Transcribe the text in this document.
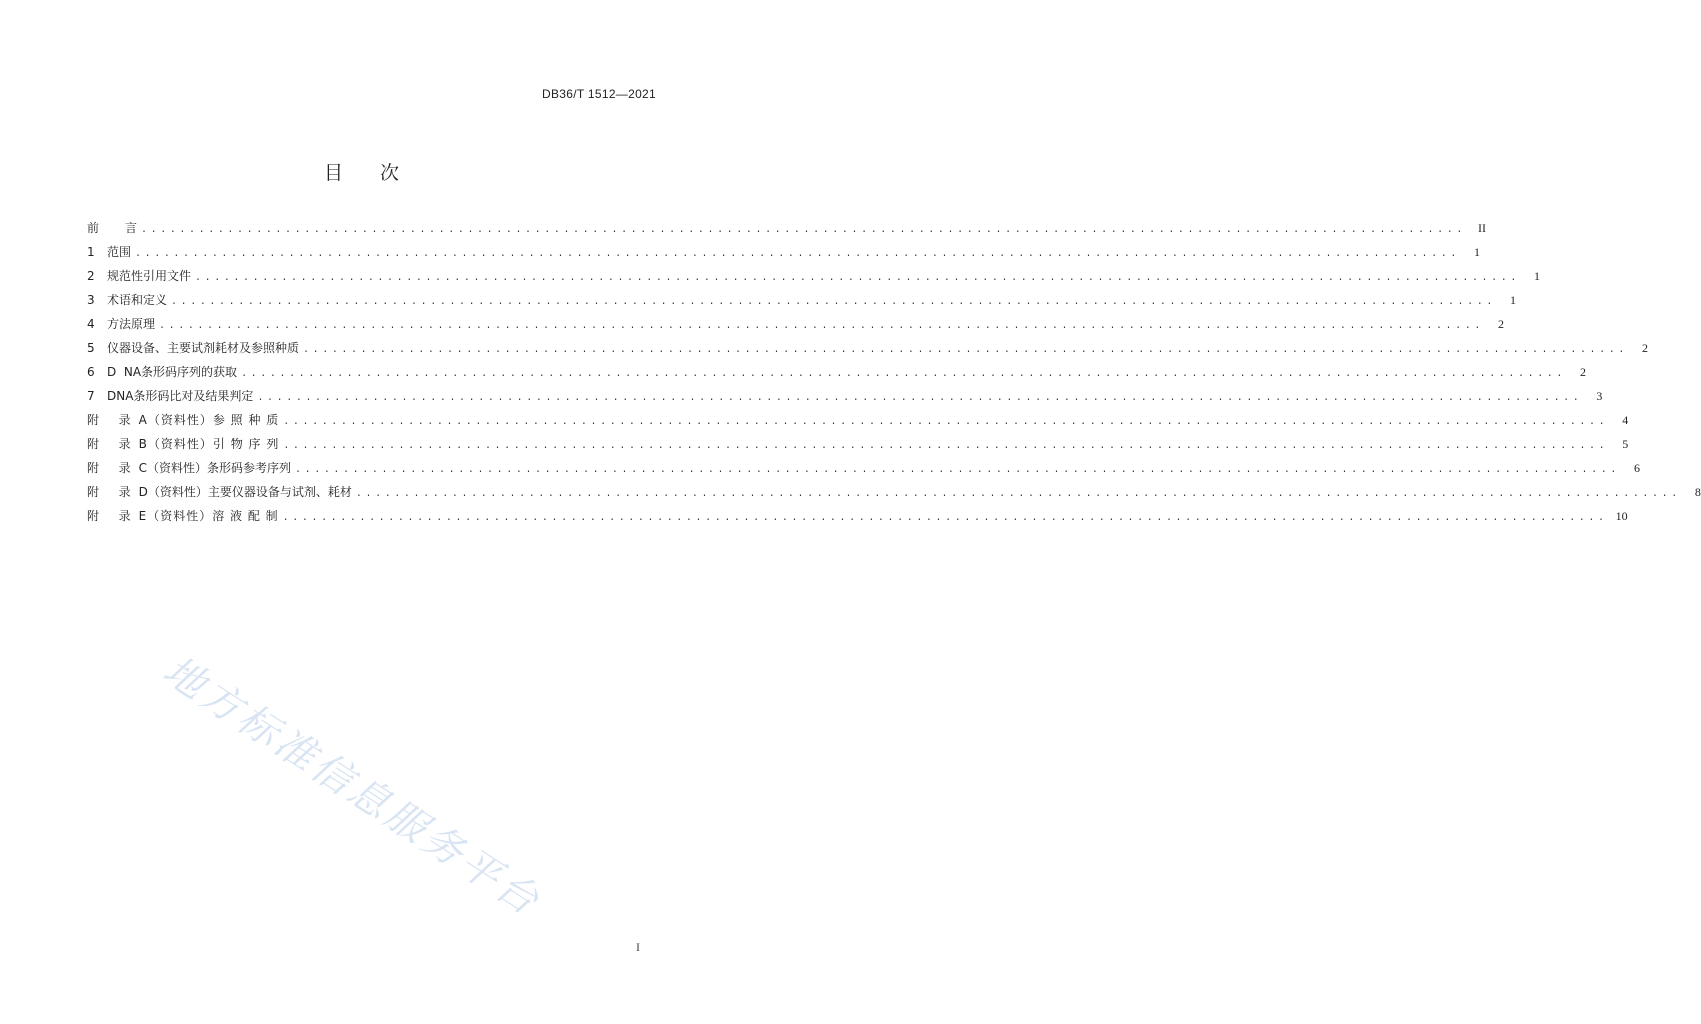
DB36/T 1512—2021
目 次
前	言 ..........................................................................................................................................	II
1	范围 ..........................................................................................................................................	1
2	规范性引用文件 ..........................................................................................................................................	1
3	术语和定义 ..........................................................................................................................................	1
4	方法原理 ..........................................................................................................................................	2
5	仪器设备、主要试剂耗材及参照种质 ..........................................................................................................................................	2
6	D  NA条形码序列的获取 ..........................................................................................................................................	2
7	DNA条形码比对及结果判定 ..........................................................................................................................................	3
附  录 A（资料性）参 照 种 质 ..........................................................................................................................................	4
附  录 B（资料性）引 物 序 列 ..........................................................................................................................................	5
附  录 C（资料性）条形码参考序列 ..........................................................................................................................................	6
附  录 D（资料性）主要仪器设备与试剂、耗材 ..........................................................................................................................................	8
附  录 E（资料性）溶 液 配 制 .......................................................................................................................................... 10
地方标准信息服务平台
I
